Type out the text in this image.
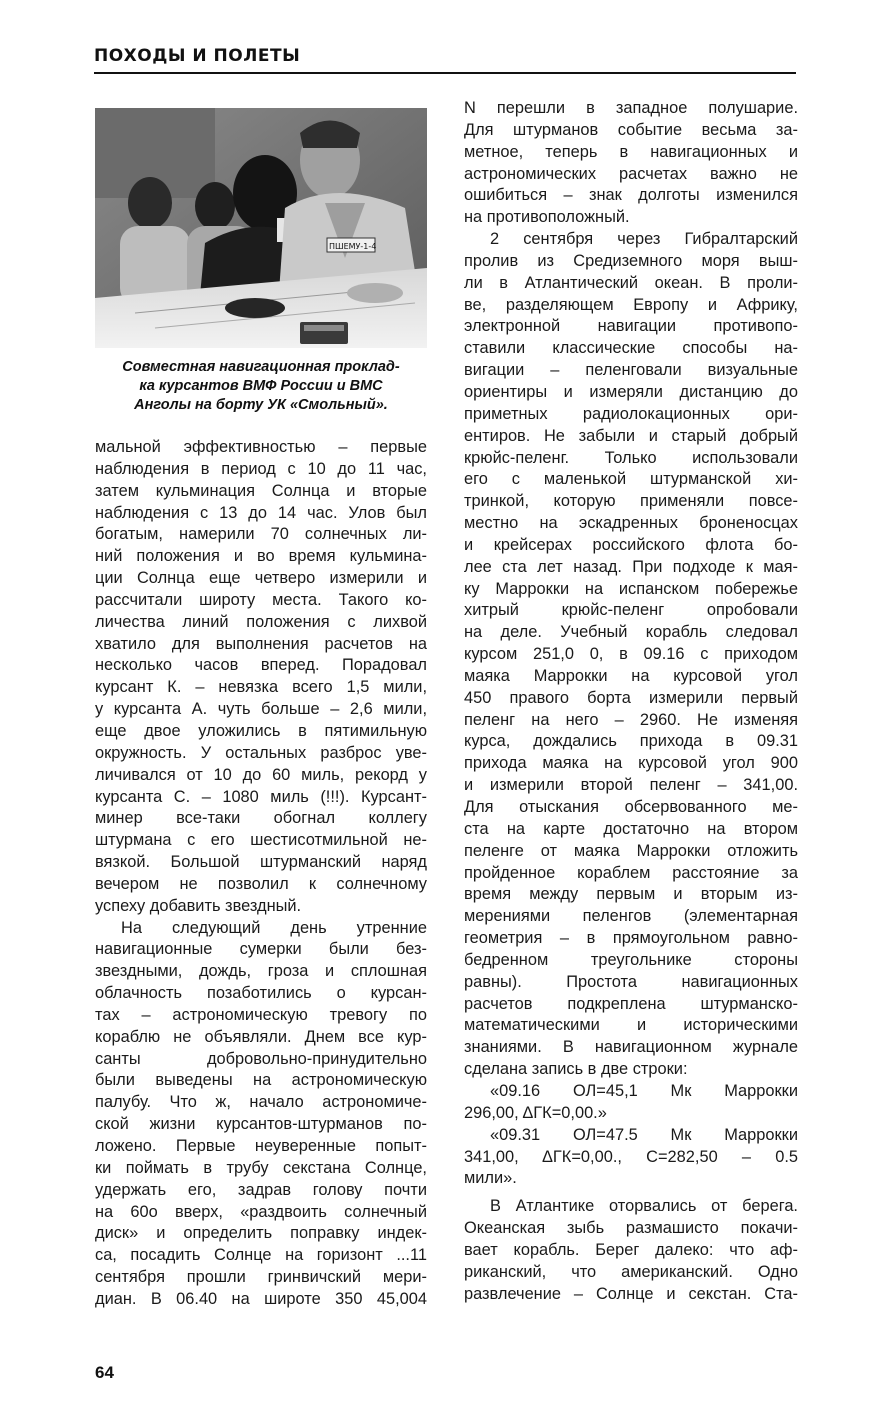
ПОХОДЫ И ПОЛЕТЫ
ПШЕМУ-1-4
Совместная навигационная проклад-
ка курсантов ВМФ России и ВМС
Анголы на борту УК «Смольный».
мальной эффективностью – первые
наблюдения в период с 10 до 11 час,
затем кульминация Солнца и вторые
наблюдения с 13 до 14 час. Улов был
богатым, намерили 70 солнечных ли-
ний положения и во время кульмина-
ции Солнца еще четверо измерили и
рассчитали широту места. Такого ко-
личества линий положения с лихвой
хватило для выполнения расчетов на
несколько часов вперед. Порадовал
курсант К. – невязка всего 1,5 мили,
у курсанта А. чуть больше – 2,6 мили,
еще двое уложились в пятимильную
окружность. У остальных разброс уве-
личивался от 10 до 60 миль, рекорд у
курсанта С. – 1080 миль (!!!). Курсант-
минер все-таки обогнал коллегу
штурмана с его шестисотмильной не-
вязкой. Большой штурманский наряд
вечером не позволил к солнечному
успеху добавить звездный.
На следующий день утренние
навигационные сумерки были без-
звездными, дождь, гроза и сплошная
облачность позаботились о курсан-
тах – астрономическую тревогу по
кораблю не объявляли. Днем все кур-
санты добровольно-принудительно
были выведены на астрономическую
палубу. Что ж, начало астрономиче-
ской жизни курсантов-штурманов по-
ложено. Первые неуверенные попыт-
ки поймать в трубу секстана Солнце,
удержать его, задрав голову почти
на 60о вверх, «раздвоить солнечный
диск» и определить поправку индек-
са, посадить Солнце на горизонт ...11
сентября прошли гринвичский мери-
диан. В 06.40 на широте 350 45,004
N перешли в западное полушарие.
Для штурманов событие весьма за-
метное, теперь в навигационных и
астрономических расчетах важно не
ошибиться – знак долготы изменился
на противоположный.
2 сентября через Гибралтарский
пролив из Средиземного моря выш-
ли в Атлантический океан. В проли-
ве, разделяющем Европу и Африку,
электронной навигации противопо-
ставили классические способы на-
вигации – пеленговали визуальные
ориентиры и измеряли дистанцию до
приметных радиолокационных ори-
ентиров. Не забыли и старый добрый
крюйс-пеленг. Только использовали
его с маленькой штурманской хи-
тринкой, которую применяли повсе-
местно на эскадренных броненосцах
и крейсерах российского флота бо-
лее ста лет назад. При подходе к мая-
ку Маррокки на испанском побережье
хитрый крюйс-пеленг опробовали
на деле. Учебный корабль следовал
курсом 251,0 0, в 09.16 с приходом
маяка Маррокки на курсовой угол
450 правого борта измерили первый
пеленг на него – 2960. Не изменяя
курса, дождались прихода в 09.31
прихода маяка на курсовой угол 900
и измерили второй пеленг – 341,00.
Для отыскания обсервованного ме-
ста на карте достаточно на втором
пеленге от маяка Маррокки отложить
пройденное кораблем расстояние за
время между первым и вторым из-
мерениями пеленгов (элементарная
геометрия – в прямоугольном равно-
бедренном треугольнике стороны
равны). Простота навигационных
расчетов подкреплена штурманско-
математическими и историческими
знаниями. В навигационном журнале
сделана запись в две строки:
«09.16 ОЛ=45,1 Мк Маррокки
296,00, ΔГК=0,00.»
«09.31 ОЛ=47.5 Мк Маррокки
341,00, ΔГК=0,00., С=282,50 – 0.5
мили».
В Атлантике оторвались от берега.
Океанская зыбь размашисто покачи-
вает корабль. Берег далеко: что аф-
риканский, что американский. Одно
развлечение – Солнце и секстан. Ста-
64
